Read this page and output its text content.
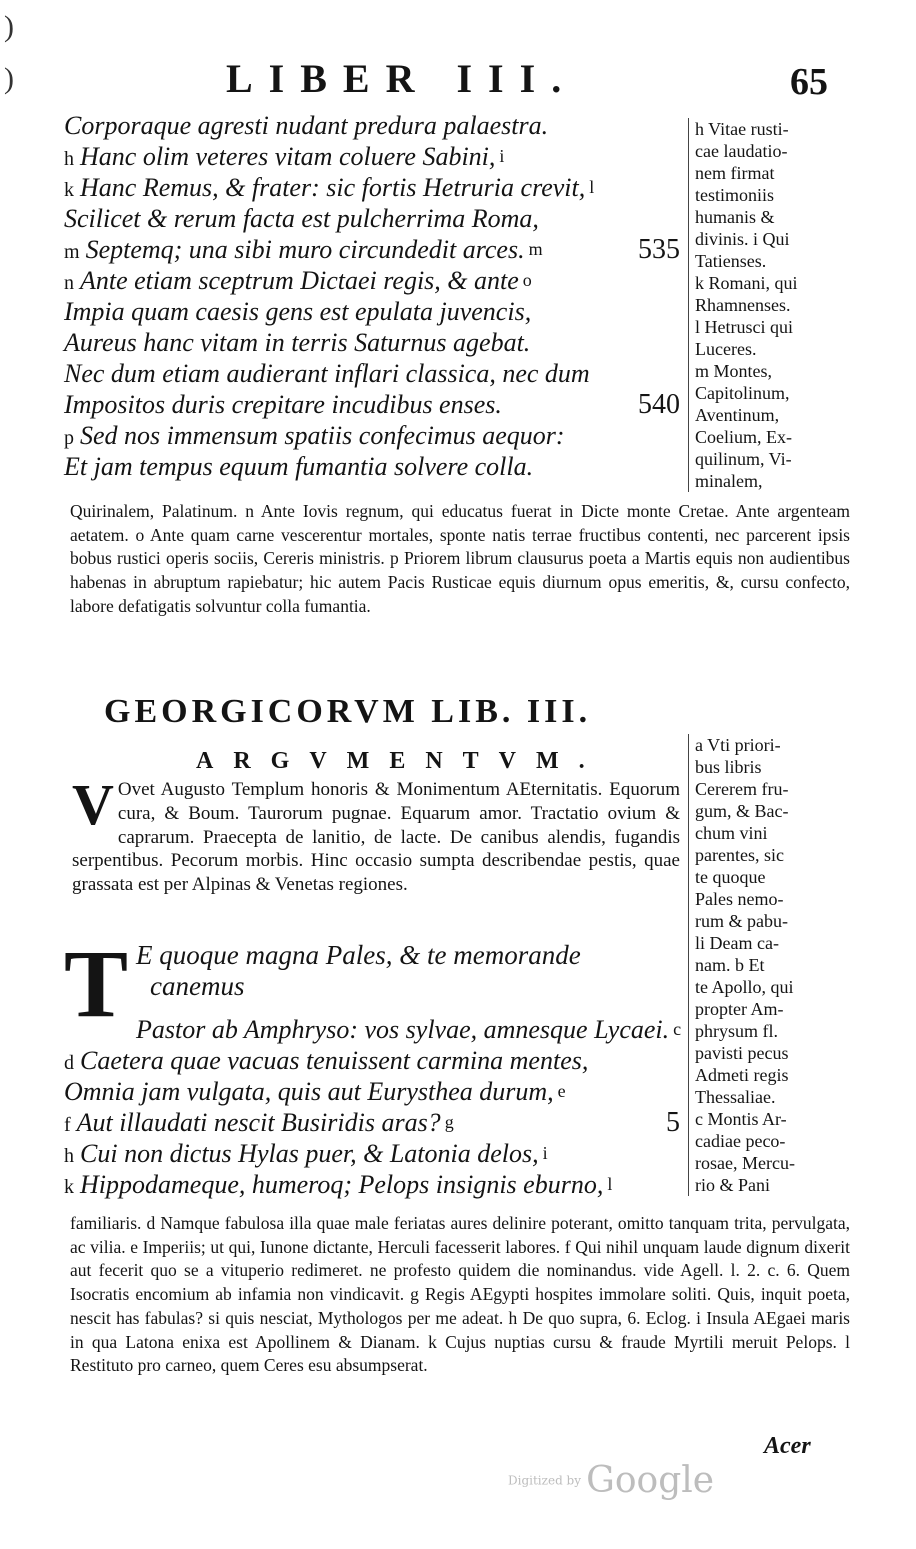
)
)	LIBER III.	65
Corporaque agresti nudant predura palaestra.
h Hanc olim veteres vitam coluere Sabini, $^i$
k Hanc Remus, & frater: sic fortis Hetruria crevit, $^l$
Scilicet & rerum facta est pulcherrima Roma,
m Septemq; una sibi muro circundedit arces. $^m$	535
n Ante etiam sceptrum Dictaei regis, & ante $^o$
Impia quam caesis gens est epulata juvencis,
Aureus hanc vitam in terris Saturnus agebat.
Nec dum etiam audierant inflari classica, nec dum
Impositos duris crepitare incudibus enses.	540
p Sed nos immensum spatiis confecimus aequor:
Et jam tempus equum fumantia solvere colla.
h Vitae rusti-
cae laudatio-
nem firmat
testimoniis
humanis &
divinis. i Qui
Tatienses.
k Romani, qui
Rhamnenses.
l Hetrusci qui
Luceres.
m Montes,
Capitolinum,
Aventinum,
Coelium, Ex-
quilinum, Vi-
minalem,

Quirinalem, Palatinum. n Ante Iovis regnum, qui educatus fuerat in Dicte monte Cretae. Ante argenteam aetatem. o Ante quam carne vescerentur mortales, sponte natis terrae fructibus contenti, nec parcerent ipsis bobus rustici operis sociis, Cereris ministris. p Priorem librum clausurus poeta a Martis equis non audientibus habenas in abruptum rapiebatur; hic autem Pacis Rusticae equis diurnum opus emeritis, &, cursu confecto, labore defatigatis solvuntur colla fumantia.

GEORGICORVM LIB. III.
ARGVMENTVM.
V Ovet Augusto Templum honoris & Monimentum AEternitatis. Equorum cura, & Boum. Taurorum pugnae. Equarum amor. Tractatio ovium & caprarum. Praecepta de lanitio, de lacte. De canibus alendis, fugandis serpentibus. Pecorum morbis. Hinc occasio sumpta describendae pestis, quae grassata est per Alpinas & Venetas regiones.
T E quoque magna Pales, & te memorande
canemus
Pastor ab Amphryso: vos sylvae, amnesque Lycaei. $^c$
d Caetera quae vacuas tenuissent carmina mentes,
Omnia jam vulgata, quis aut Eurysthea durum, $^e$
f Aut illaudati nescit Busiridis aras? $^g$	5
h Cui non dictus Hylas puer, & Latonia delos, $^i$
k Hippodameque, humeroq; Pelops insignis eburno, $^l$
a Vti priori-
bus libris
Cererem fru-
gum, & Bac-
chum vini
parentes, sic
te quoque
Pales nemo-
rum & pabu-
li Deam ca-
nam. b Et
te Apollo, qui
propter Am-
phrysum fl.
pavisti pecus
Admeti regis
Thessaliae.
c Montis Ar-
cadiae peco-
rosae, Mercu-
rio & Pani

familiaris. d Namque fabulosa illa quae male feriatas aures delinire poterant, omitto tanquam trita, pervulgata, ac vilia. e Imperiis; ut qui, Iunone dictante, Herculi facesserit labores. f Qui nihil unquam laude dignum dixerit aut fecerit quo se a vituperio redimeret. ne profesto quidem die nominandus. vide Agell. l. 2. c. 6. Quem Isocratis encomium ab infamia non vindicavit. g Regis AEgypti hospites immolare soliti. Quis, inquit poeta, nescit has fabulas? si quis nesciat, Mythologos per me adeat. h De quo supra, 6. Eclog. i Insula AEgaei maris in qua Latona enixa est Apollinem & Dianam. k Cujus nuptias cursu & fraude Myrtili meruit Pelops. l Restituto pro carneo, quem Ceres esu absumpserat.

Acer
Digitized by Google
